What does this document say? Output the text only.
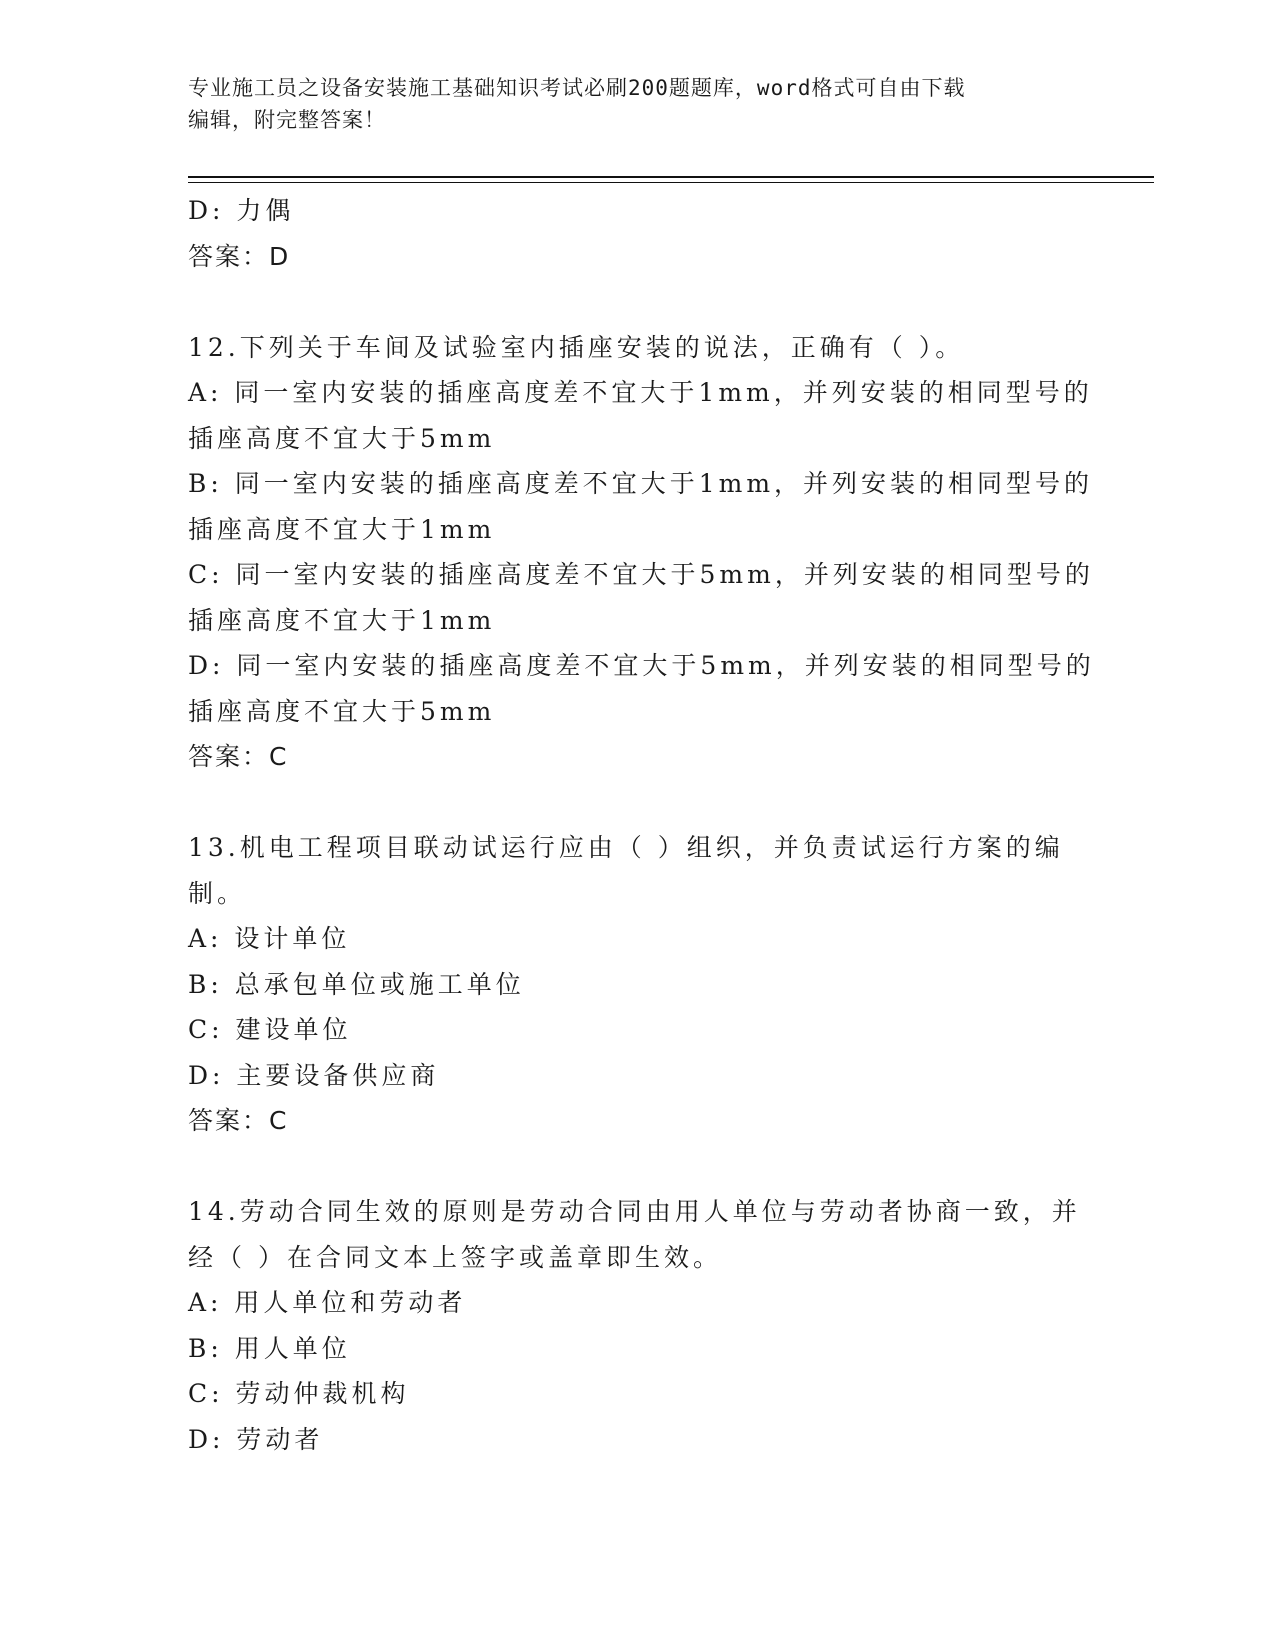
专业施工员之设备安装施工基础知识考试必刷200题题库，word格式可自由下载
编辑，附完整答案！
D: 力偶
答案：D
12.下列关于车间及试验室内插座安装的说法，正确有（ ）。
A: 同一室内安装的插座高度差不宜大于1mm，并列安装的相同型号的
插座高度不宜大于5mm
B: 同一室内安装的插座高度差不宜大于1mm，并列安装的相同型号的
插座高度不宜大于1mm
C: 同一室内安装的插座高度差不宜大于5mm，并列安装的相同型号的
插座高度不宜大于1mm
D: 同一室内安装的插座高度差不宜大于5mm，并列安装的相同型号的
插座高度不宜大于5mm
答案：C
13.机电工程项目联动试运行应由（ ）组织，并负责试运行方案的编
制。
A: 设计单位
B: 总承包单位或施工单位
C: 建设单位
D: 主要设备供应商
答案：C
14.劳动合同生效的原则是劳动合同由用人单位与劳动者协商一致，并
经（ ）在合同文本上签字或盖章即生效。
A: 用人单位和劳动者
B: 用人单位
C: 劳动仲裁机构
D: 劳动者
